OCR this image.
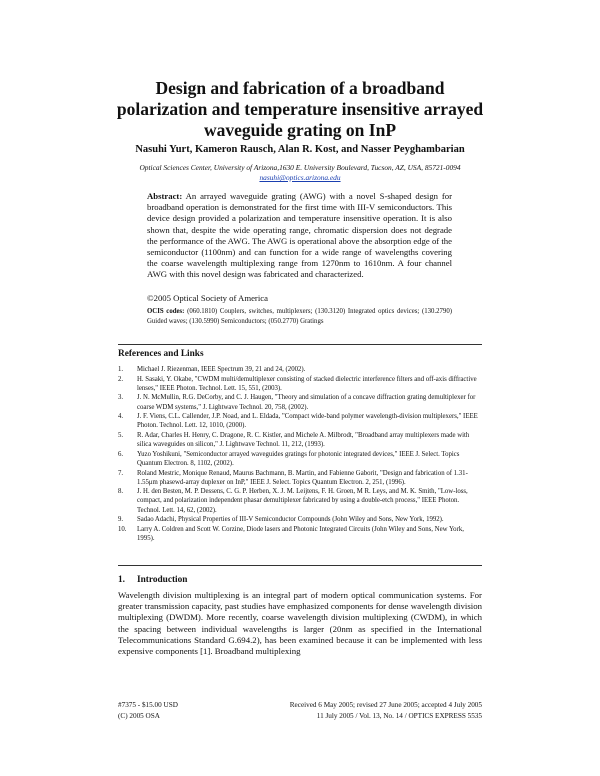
Design and fabrication of a broadband
polarization and temperature insensitive arrayed
waveguide grating on InP
Nasuhi Yurt, Kameron Rausch, Alan R. Kost, and Nasser Peyghambarian
Optical Sciences Center, University of Arizona,1630 E. University Boulevard, Tucson, AZ, USA, 85721-0094
nasuhi@optics.arizona.edu
Abstract: An arrayed waveguide grating (AWG) with a novel S-shaped design for broadband operation is demonstrated for the first time with III-V semiconductors. This device design provided a polarization and temperature insensitive operation. It is also shown that, despite the wide operating range, chromatic dispersion does not degrade the performance of the AWG. The AWG is operational above the absorption edge of the semiconductor (1100nm) and can function for a wide range of wavelengths covering the coarse wavelength multiplexing range from 1270nm to 1610nm. A four channel AWG with this novel design was fabricated and characterized.
©2005 Optical Society of America
OCIS codes: (060.1810) Couplers, switches, multiplexers; (130.3120) Integrated optics devices; (130.2790) Guided waves; (130.5990) Semiconductors; (050.2770) Gratings
References and Links
1.	Michael J. Riezenman, IEEE Spectrum 39, 21 and 24, (2002).
2.	H. Sasaki, Y. Okabe, "CWDM multi/demultiplexer consisting of stacked dielectric interference filters and off-axis diffractive lenses," IEEE Photon. Technol. Lett. 15, 551, (2003).
3.	J. N. McMullin, R.G. DeCorby, and C. J. Haugen, "Theory and simulation of a concave diffraction grating demultiplexer for coarse WDM systems," J. Lightwave Technol. 20, 758, (2002).
4.	J. F. Viens, C.L. Callender, J.P. Noad, and L. Eldada, "Compact wide-band polymer wavelength-division multiplexers," IEEE Photon. Technol. Lett. 12, 1010, (2000).
5.	R. Adar, Charles H. Henry, C. Dragone, R. C. Kistler, and Michele A. Milbrodt, "Broadband array multiplexers made with silica waveguides on silicon," J. Lightwave Technol. 11, 212, (1993).
6.	Yuzo Yoshikuni, "Semiconductor arrayed waveguides gratings for photonic integrated devices," IEEE J. Select. Topics Quantum Electron. 8, 1102, (2002).
7.	Roland Mestric, Monique Renaud, Maurus Bachmann, B. Martin, and Fabienne Gaborit, "Design and fabrication of 1.31-1.55μm phasewd-array duplexer on InP," IEEE J. Select. Topics Quantum Electron. 2, 251, (1996).
8.	J. H. den Besten, M. P. Dessens, C. G. P. Herben, X. J. M. Leijtens, F. H. Groen, M R. Leys, and M. K. Smith, "Low-loss, compact, and polarization independent phasar demultiplexer fabricated by using a double-etch process," IEEE Photon. Technol. Lett. 14, 62, (2002).
9.	Sadao Adachi, Physical Properties of III-V Semiconductor Compounds (John Wiley and Sons, New York, 1992).
10.	Larry A. Coldren and Scott W. Corzine, Diode lasers and Photonic Integrated Circuits (John Wiley and Sons, New York, 1995).
1. Introduction
Wavelength division multiplexing is an integral part of modern optical communication systems. For greater transmission capacity, past studies have emphasized components for dense wavelength division multiplexing (DWDM). More recently, coarse wavelength division multiplexing (CWDM), in which the spacing between individual wavelengths is larger (20nm as specified in the International Telecommunications Standard G.694.2), has been examined because it can be implemented with less expensive components [1]. Broadband multiplexing
#7375 - $15.00 USD
(C) 2005 OSA
Received 6 May 2005; revised 27 June 2005; accepted 4 July 2005
11 July 2005 / Vol. 13, No. 14 / OPTICS EXPRESS 5535
